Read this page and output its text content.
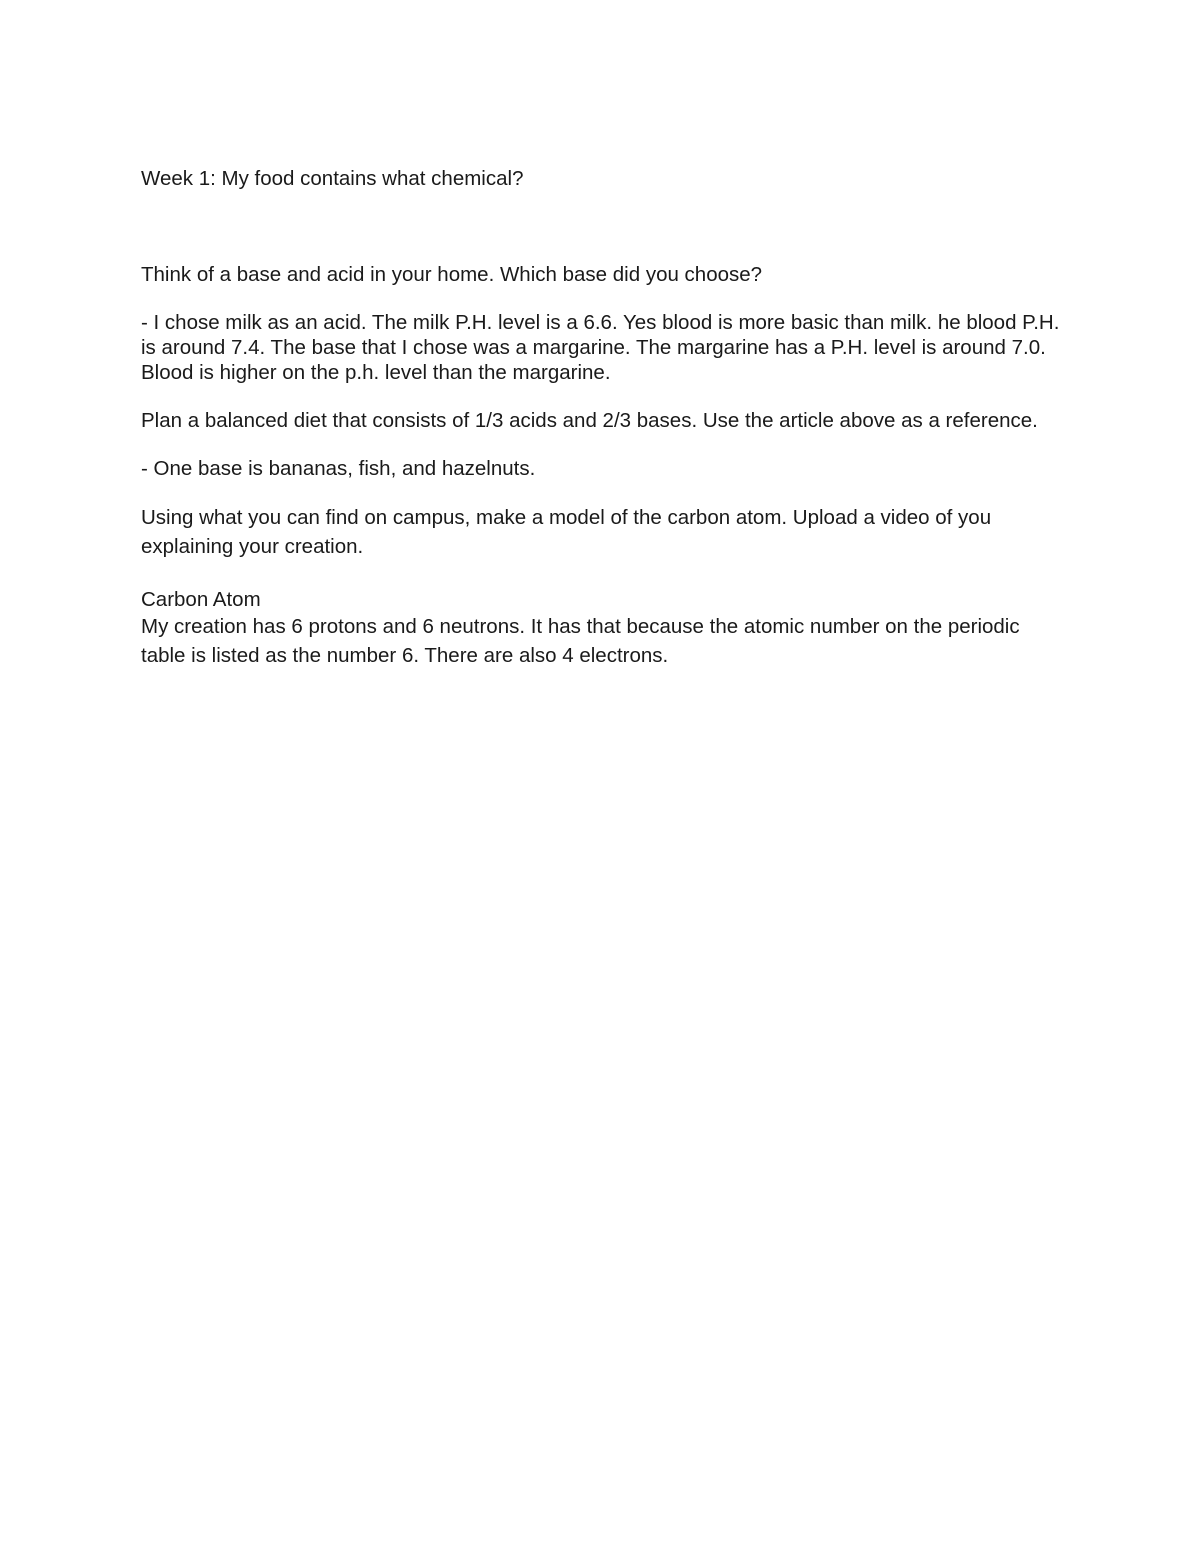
Week 1: My food contains what chemical?

Think of a base and acid in your home. Which base did you choose?

- I chose milk as an acid. The milk P.H. level is a 6.6. Yes blood is more basic than milk. he blood P.H. is around 7.4. The base that I chose was a margarine. The margarine has a P.H. level is around 7.0. Blood is higher on the p.h. level than the margarine.

Plan a balanced diet that consists of 1/3 acids and 2/3 bases. Use the article above as a reference.

- One base is bananas, fish, and hazelnuts.

Using what you can find on campus, make a model of the carbon atom. Upload a video of you explaining your creation.

Carbon Atom

My creation has 6 protons and 6 neutrons. It has that because the atomic number on the periodic table is listed as the number 6. There are also 4 electrons.
